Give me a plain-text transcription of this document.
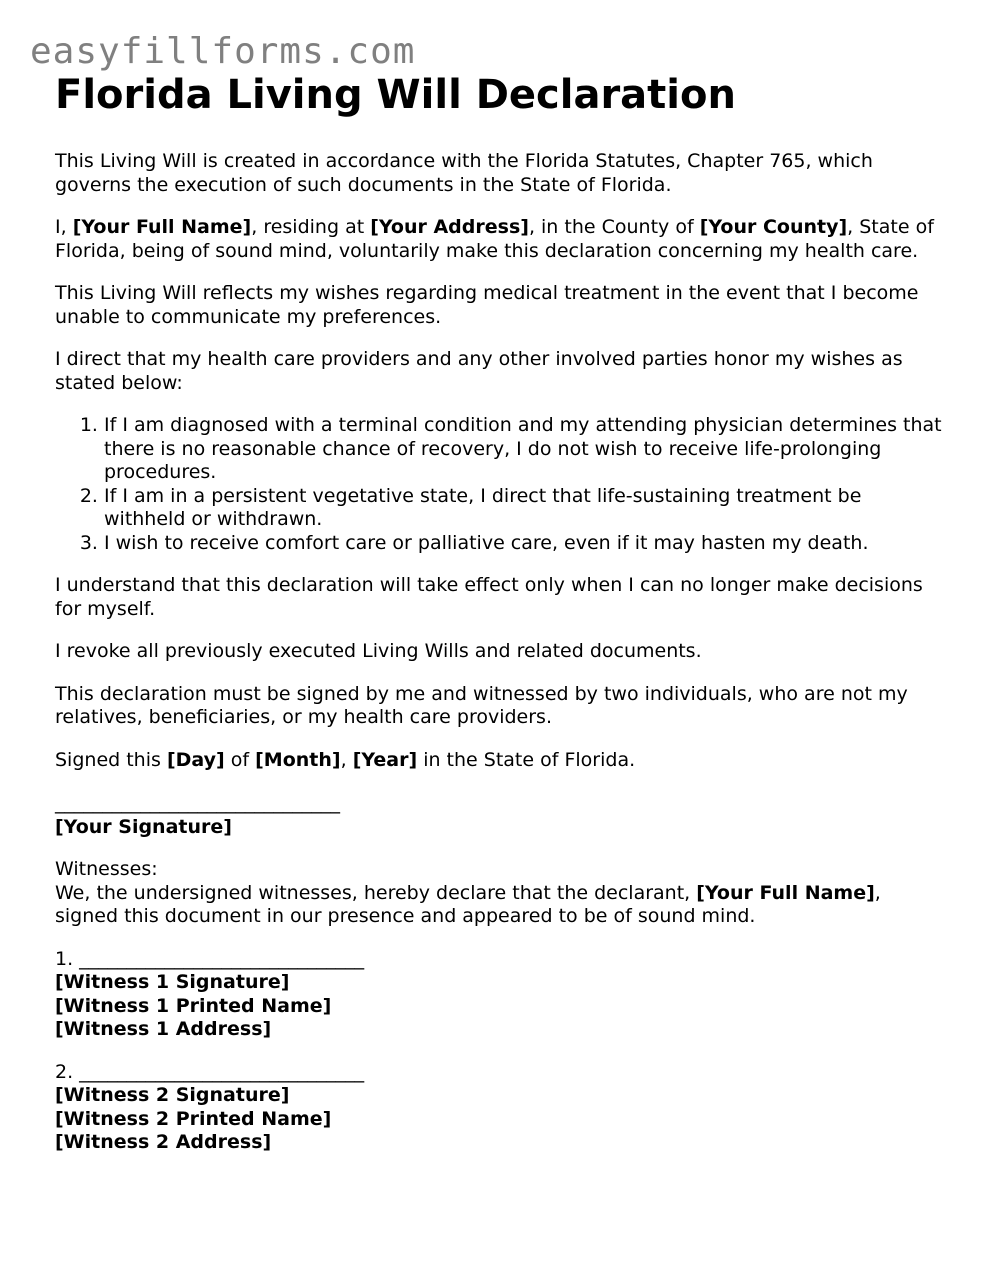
easyfillforms.com
Florida Living Will Declaration

This Living Will is created in accordance with the Florida Statutes, Chapter 765, which governs the execution of such documents in the State of Florida.

I, [Your Full Name], residing at [Your Address], in the County of [Your County], State of Florida, being of sound mind, voluntarily make this declaration concerning my health care.

This Living Will reflects my wishes regarding medical treatment in the event that I become unable to communicate my preferences.

I direct that my health care providers and any other involved parties honor my wishes as stated below:

1. If I am diagnosed with a terminal condition and my attending physician determines that there is no reasonable chance of recovery, I do not wish to receive life-prolonging procedures.
2. If I am in a persistent vegetative state, I direct that life-sustaining treatment be withheld or withdrawn.
3. I wish to receive comfort care or palliative care, even if it may hasten my death.

I understand that this declaration will take effect only when I can no longer make decisions for myself.

I revoke all previously executed Living Wills and related documents.

This declaration must be signed by me and witnessed by two individuals, who are not my relatives, beneficiaries, or my health care providers.

Signed this [Day] of [Month], [Year] in the State of Florida.

______________________________
[Your Signature]
Witnesses:
We, the undersigned witnesses, hereby declare that the declarant, [Your Full Name], signed this document in our presence and appeared to be of sound mind.
1. ______________________________
[Witness 1 Signature]
[Witness 1 Printed Name]
[Witness 1 Address]
2. ______________________________
[Witness 2 Signature]
[Witness 2 Printed Name]
[Witness 2 Address]
